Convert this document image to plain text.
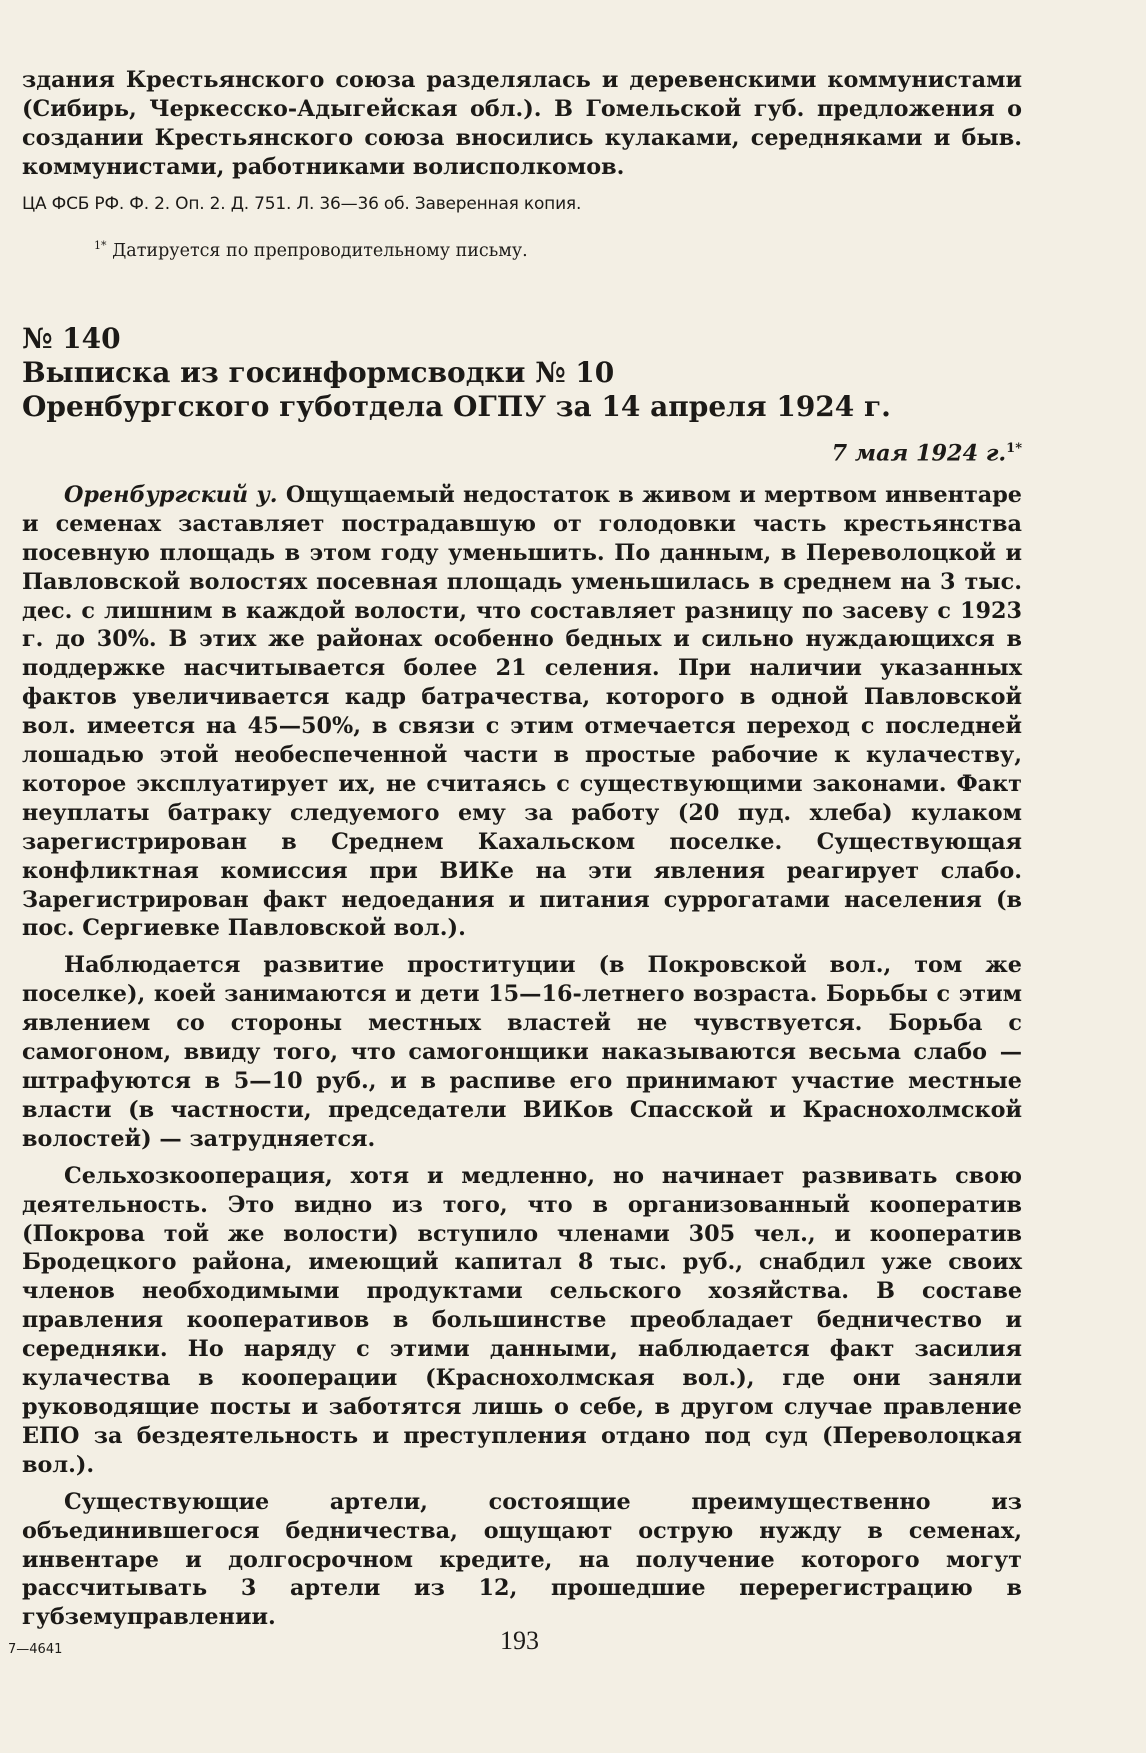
здания Крестьянского союза разделялась и деревенскими коммунистами (Сибирь, Черкесско-Адыгейская обл.). В Гомельской губ. предложения о создании Крестьянского союза вносились кулаками, середняками и быв. коммунистами, работниками волисполкомов.

ЦА ФСБ РФ. Ф. 2. Оп. 2. Д. 751. Л. 36—36 об. Заверенная копия.

$^{1*}$ Датируется по препроводительному письму.

№ 140
Выписка из госинформсводки № 10
Оренбургского губотдела ОГПУ за 14 апреля 1924 г.

7 мая 1924 г.$^{1*}$

Оренбургский у. Ощущаемый недостаток в живом и мертвом инвентаре и семенах заставляет пострадавшую от голодовки часть крестьянства посевную площадь в этом году уменьшить. По данным, в Переволоцкой и Павловской волостях посевная площадь уменьшилась в среднем на 3 тыс. дес. с лишним в каждой волости, что составляет разницу по засеву с 1923 г. до 30%. В этих же районах особенно бедных и сильно нуждающихся в поддержке насчитывается более 21 селения. При наличии указанных фактов увеличивается кадр батрачества, которого в одной Павловской вол. имеется на 45—50%, в связи с этим отмечается переход с последней лошадью этой необеспеченной части в простые рабочие к кулачеству, которое эксплуатирует их, не считаясь с существующими законами. Факт неуплаты батраку следуемого ему за работу (20 пуд. хлеба) кулаком зарегистрирован в Среднем Кахальском поселке. Существующая конфликтная комиссия при ВИКе на эти явления реагирует слабо. Зарегистрирован факт недоедания и питания суррогатами населения (в пос. Сергиевке Павловской вол.).

Наблюдается развитие проституции (в Покровской вол., том же поселке), коей занимаются и дети 15—16-летнего возраста. Борьбы с этим явлением со стороны местных властей не чувствуется. Борьба с самогоном, ввиду того, что самогонщики наказываются весьма слабо — штрафуются в 5—10 руб., и в распиве его принимают участие местные власти (в частности, председатели ВИКов Спасской и Краснохолмской волостей) — затрудняется.

Сельхозкооперация, хотя и медленно, но начинает развивать свою деятельность. Это видно из того, что в организованный кооператив (Покрова той же волости) вступило членами 305 чел., и кооператив Бродецкого района, имеющий капитал 8 тыс. руб., снабдил уже своих членов необходимыми продуктами сельского хозяйства. В составе правления кооперативов в большинстве преобладает бедничество и середняки. Но наряду с этими данными, наблюдается факт засилия кулачества в кооперации (Краснохолмская вол.), где они заняли руководящие посты и заботятся лишь о себе, в другом случае правление ЕПО за бездеятельность и преступления отдано под суд (Переволоцкая вол.).

Существующие артели, состоящие преимущественно из объединившегося бедничества, ощущают острую нужду в семенах, инвентаре и долгосрочном кредите, на получение которого могут рассчитывать 3 артели из 12, прошедшие перерегистрацию в губземуправлении.

7—4641	193
